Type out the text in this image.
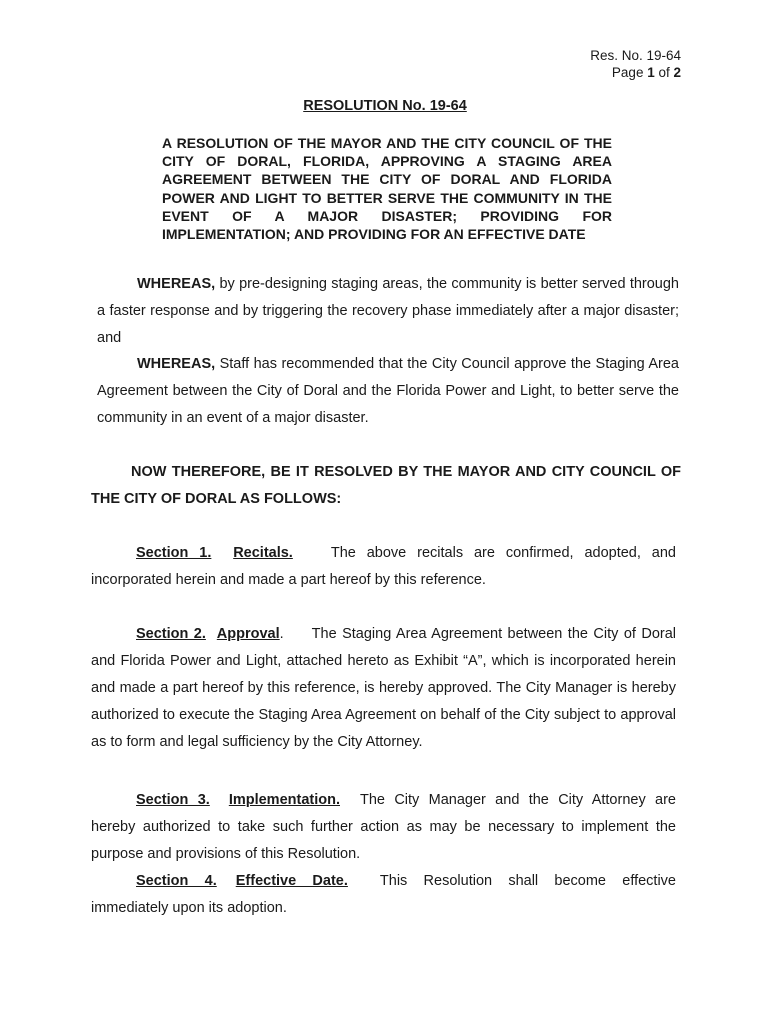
Res. No. 19-64
Page 1 of 2
RESOLUTION No. 19-64
A RESOLUTION OF THE MAYOR AND THE CITY COUNCIL OF THE CITY OF DORAL, FLORIDA, APPROVING A STAGING AREA AGREEMENT BETWEEN THE CITY OF DORAL AND FLORIDA POWER AND LIGHT TO BETTER SERVE THE COMMUNITY IN THE EVENT OF A MAJOR DISASTER; PROVIDING FOR IMPLEMENTATION; AND PROVIDING FOR AN EFFECTIVE DATE
WHEREAS, by pre-designing staging areas, the community is better served through a faster response and by triggering the recovery phase immediately after a major disaster; and
WHEREAS, Staff has recommended that the City Council approve the Staging Area Agreement between the City of Doral and the Florida Power and Light, to better serve the community in an event of a major disaster.
NOW THEREFORE, BE IT RESOLVED BY THE MAYOR AND CITY COUNCIL OF THE CITY OF DORAL AS FOLLOWS:
Section 1. Recitals.	The above recitals are confirmed, adopted, and incorporated herein and made a part hereof by this reference.
Section 2. Approval. The Staging Area Agreement between the City of Doral and Florida Power and Light, attached hereto as Exhibit “A”, which is incorporated herein and made a part hereof by this reference, is hereby approved. The City Manager is hereby authorized to execute the Staging Area Agreement on behalf of the City subject to approval as to form and legal sufficiency by the City Attorney.
Section 3. Implementation. The City Manager and the City Attorney are hereby authorized to take such further action as may be necessary to implement the purpose and provisions of this Resolution.
Section 4. Effective Date. This Resolution shall become effective immediately upon its adoption.
